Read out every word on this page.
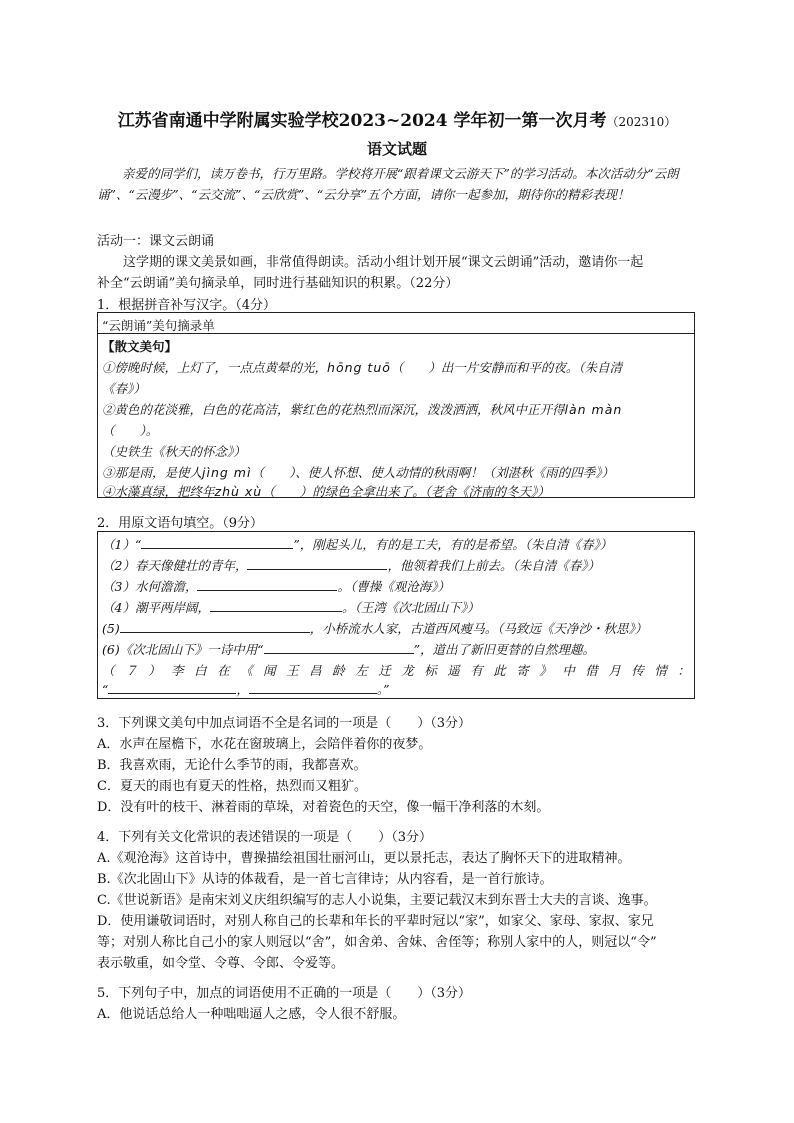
江苏省南通中学附属实验学校2023~2024 学年初一第一次月考（202310）
语文试题

亲爱的同学们，读万卷书，行万里路。学校将开展“跟着课文云游天下”的学习活动。本次活动分“云朗诵”、“云漫步”、“云交流”、“云欣赏”、“云分享”五个方面，请你一起参加，期待你的精彩表现！

活动一：课文云朗诵
这学期的课文美景如画，非常值得朗读。活动小组计划开展“课文云朗诵”活动，邀请你一起
补全“云朗诵”美句摘录单，同时进行基础知识的积累。（22分）
1．根据拼音补写汉字。（4分）
“云朗诵”美句摘录单
【散文美句】
①傍晚时候，上灯了，一点点黄晕的光，hōng tuō（　　）出一片安静而和平的夜。（朱自清
《春》）
②黄色的花淡雅，白色的花高洁，紫红色的花热烈而深沉，泼泼洒洒，秋风中正开得làn màn
（　　）。
（史铁生《秋天的怀念》）
③那是雨，是使人jìng mì（　　）、使人怀想、使人动情的秋雨啊！（刘湛秋《雨的四季》）
④水藻真绿，把终年zhù xù（　　）的绿色全拿出来了。（老舍《济南的冬天》）
2．用原文语句填空。（9分）
（1）“	”，刚起头儿，有的是工夫，有的是希望。（朱自清《春》）
（2）春天像健壮的青年，	，他领着我们上前去。（朱自清《春》）
（3）水何澹澹，	。（曹操《观沧海》）
（4）潮平两岸阔，	。（王湾《次北固山下》）
(5)	，小桥流水人家，古道西风瘦马。（马致远《天净沙・秋思》）
(6)《次北固山下》一诗中用“	”，道出了新旧更替的自然理趣。
（ ７ ） 李 白 在 《 闻 王 昌 龄 左 迁 龙 标 遥 有 此 寄 》 中 借 月 传 情 ：
“	，	。”
3．下列课文美句中加点词语不全是名词的一项是（　　）（3分）
A．水声在屋檐下，水花在窗玻璃上，会陪伴着你的夜梦。
B．我喜欢雨，无论什么季节的雨，我都喜欢。
C．夏天的雨也有夏天的性格，热烈而又粗犷。
D．没有叶的枝干、淋着雨的草垛，对着瓷色的天空，像一幅干净利落的木刻。
4．下列有关文化常识的表述错误的一项是（　　）（3分）
A.《观沧海》这首诗中，曹操描绘祖国壮丽河山，更以景托志，表达了胸怀天下的进取精神。
B.《次北固山下》从诗的体裁看，是一首七言律诗；从内容看，是一首行旅诗。
C.《世说新语》是南宋刘义庆组织编写的志人小说集，主要记载汉末到东晋士大夫的言谈、逸事。
D．使用谦敬词语时，对别人称自己的长辈和年长的平辈时冠以“家”，如家父、家母、家叔、家兄
等；对别人称比自己小的家人则冠以“舍”，如舍弟、舍妹、舍侄等；称别人家中的人，则冠以“令”
表示敬重，如令堂、令尊、令郎、令爱等。
5．下列句子中，加点的词语使用不正确的一项是（　　）（3分）
A．他说话总给人一种咄咄逼人之感，令人很不舒服。
